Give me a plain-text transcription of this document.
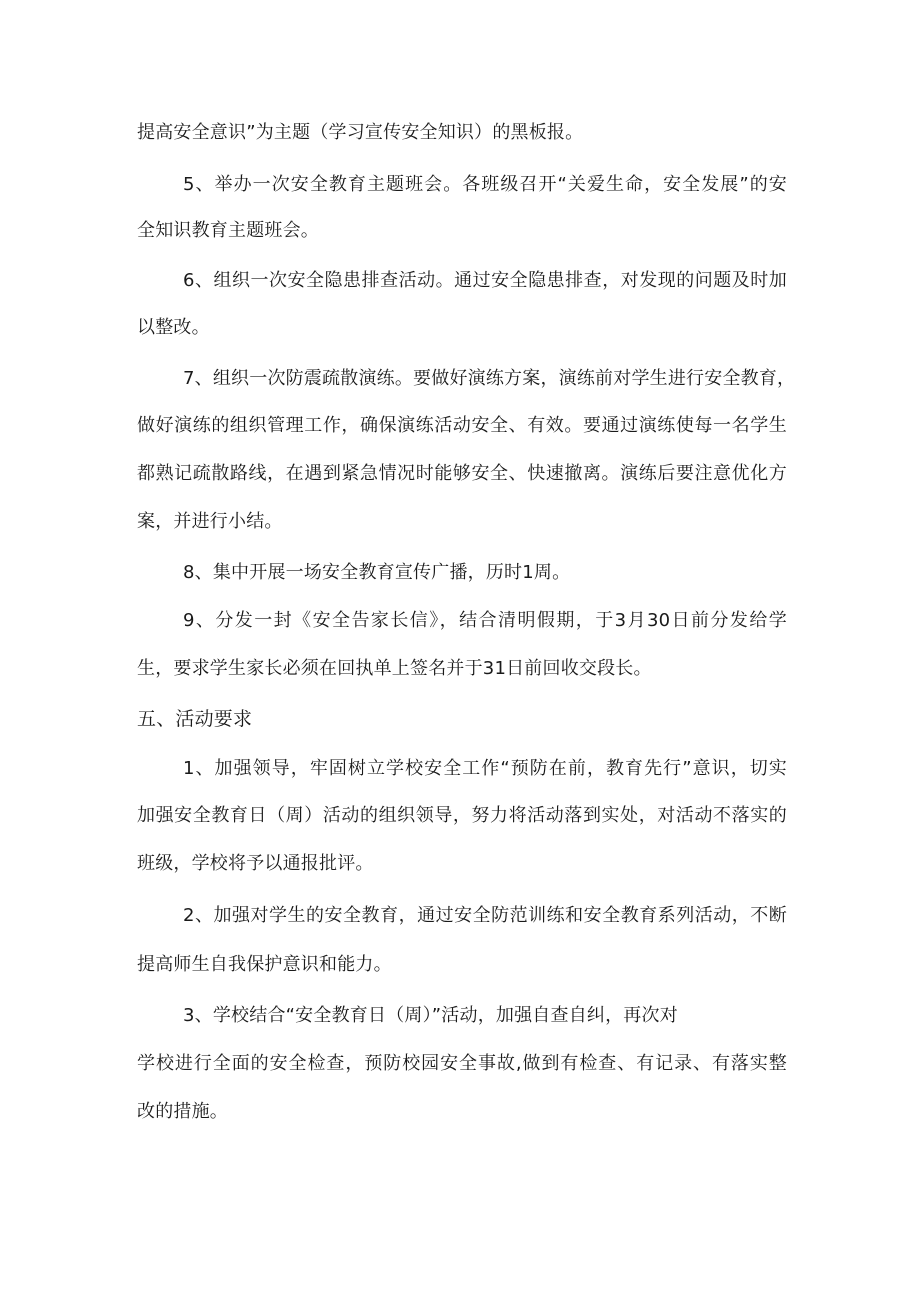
提高安全意识”为主题（学习宣传安全知识）的黑板报。
5、举办一次安全教育主题班会。各班级召开“关爱生命，安全发展”的安
全知识教育主题班会。
6、组织一次安全隐患排查活动。通过安全隐患排查，对发现的问题及时加
以整改。
7、组织一次防震疏散演练。要做好演练方案，演练前对学生进行安全教育，
做好演练的组织管理工作，确保演练活动安全、有效。要通过演练使每一名学生
都熟记疏散路线，在遇到紧急情况时能够安全、快速撤离。演练后要注意优化方
案，并进行小结。
8、集中开展一场安全教育宣传广播，历时1周。
9、分发一封《安全告家长信》，结合清明假期，于3月30日前分发给学
生，要求学生家长必须在回执单上签名并于31日前回收交段长。
五、活动要求
1、加强领导，牢固树立学校安全工作“预防在前，教育先行”意识，切实
加强安全教育日（周）活动的组织领导，努力将活动落到实处，对活动不落实的
班级，学校将予以通报批评。
2、加强对学生的安全教育，通过安全防范训练和安全教育系列活动，不断
提高师生自我保护意识和能力。
3、学校结合“安全教育日（周）”活动，加强自查自纠，再次对
学校进行全面的安全检查，预防校园安全事故,做到有检查、有记录、有落实整
改的措施。
